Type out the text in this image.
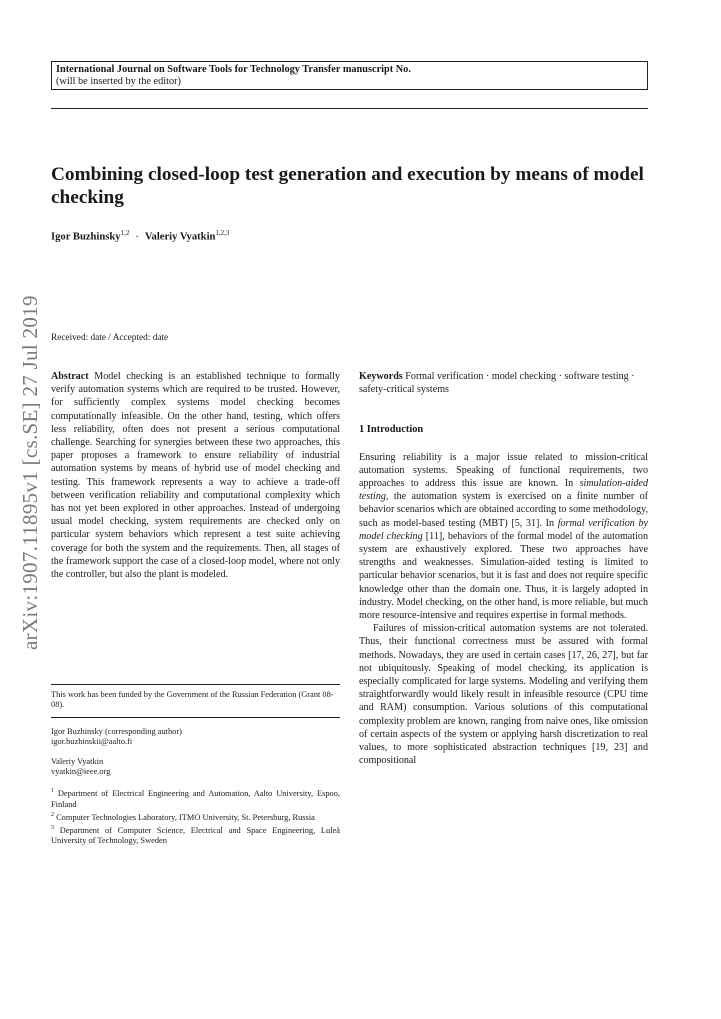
International Journal on Software Tools for Technology Transfer manuscript No.
(will be inserted by the editor)
Combining closed-loop test generation and execution by means of model checking
Igor Buzhinsky$^{1,2}$ · Valeriy Vyatkin$^{1,2,3}$
Received: date / Accepted: date
arXiv:1907.11895v1 [cs.SE] 27 Jul 2019 Abstract Model checking is an established technique to formally verify automation systems which are required to be trusted. However, for sufficiently complex systems model checking becomes computationally infeasible. On the other hand, testing, which offers less reliability, often does not present a serious computational challenge. Searching for synergies between these two approaches, this paper proposes a framework to ensure reliability of industrial automation systems by means of hybrid use of model checking and testing. This framework represents a way to achieve a trade-off between verification reliability and computational complexity which has not yet been explored in other approaches. Instead of undergoing usual model checking, system requirements are checked only on particular system behaviors which represent a test suite achieving coverage for both the system and the requirements. Then, all stages of the framework support the case of a closed-loop model, where not only the controller, but also the plant is modeled.

This work has been funded by the Government of the Russian Federation (Grant 08-08).
Igor Buzhinsky (corresponding author)
igor.buzhinskii@aalto.fi
Valeriy Vyatkin
vyatkin@ieee.org
$^1$ Department of Electrical Engineering and Automation, Aalto University, Espoo, Finland
$^2$ Computer Technologies Laboratory, ITMO University, St. Petersburg, Russia
$^3$ Department of Computer Science, Electrical and Space Engineering, Luleå University of Technology, Sweden

Keywords Formal verification · model checking · software testing · safety-critical systems

1 Introduction

Ensuring reliability is a major issue related to mission-critical automation systems. Speaking of functional requirements, two approaches to address this issue are known. In simulation-aided testing, the automation system is exercised on a finite number of behavior scenarios which are obtained according to some methodology, such as model-based testing (MBT) [5, 31]. In formal verification by model checking [11], behaviors of the formal model of the automation system are exhaustively explored. These two approaches have strengths and weaknesses. Simulation-aided testing is limited to particular behavior scenarios, but it is fast and does not require specific knowledge other than the domain one. Thus, it is largely adopted in industry. Model checking, on the other hand, is more reliable, but much more resource-intensive and requires expertise in formal methods.

Failures of mission-critical automation systems are not tolerated. Thus, their functional correctness must be assured with formal methods. Nowadays, they are used in certain cases [17, 26, 27], but far not ubiquitously. Speaking of model checking, its application is especially complicated for large systems. Modeling and verifying them straightforwardly would likely result in infeasible resource (CPU time and RAM) consumption. Various solutions of this computational complexity problem are known, ranging from naive ones, like omission of certain aspects of the system or applying harsh discretization to real values, to more sophisticated abstraction techniques [19, 23] and compositional
